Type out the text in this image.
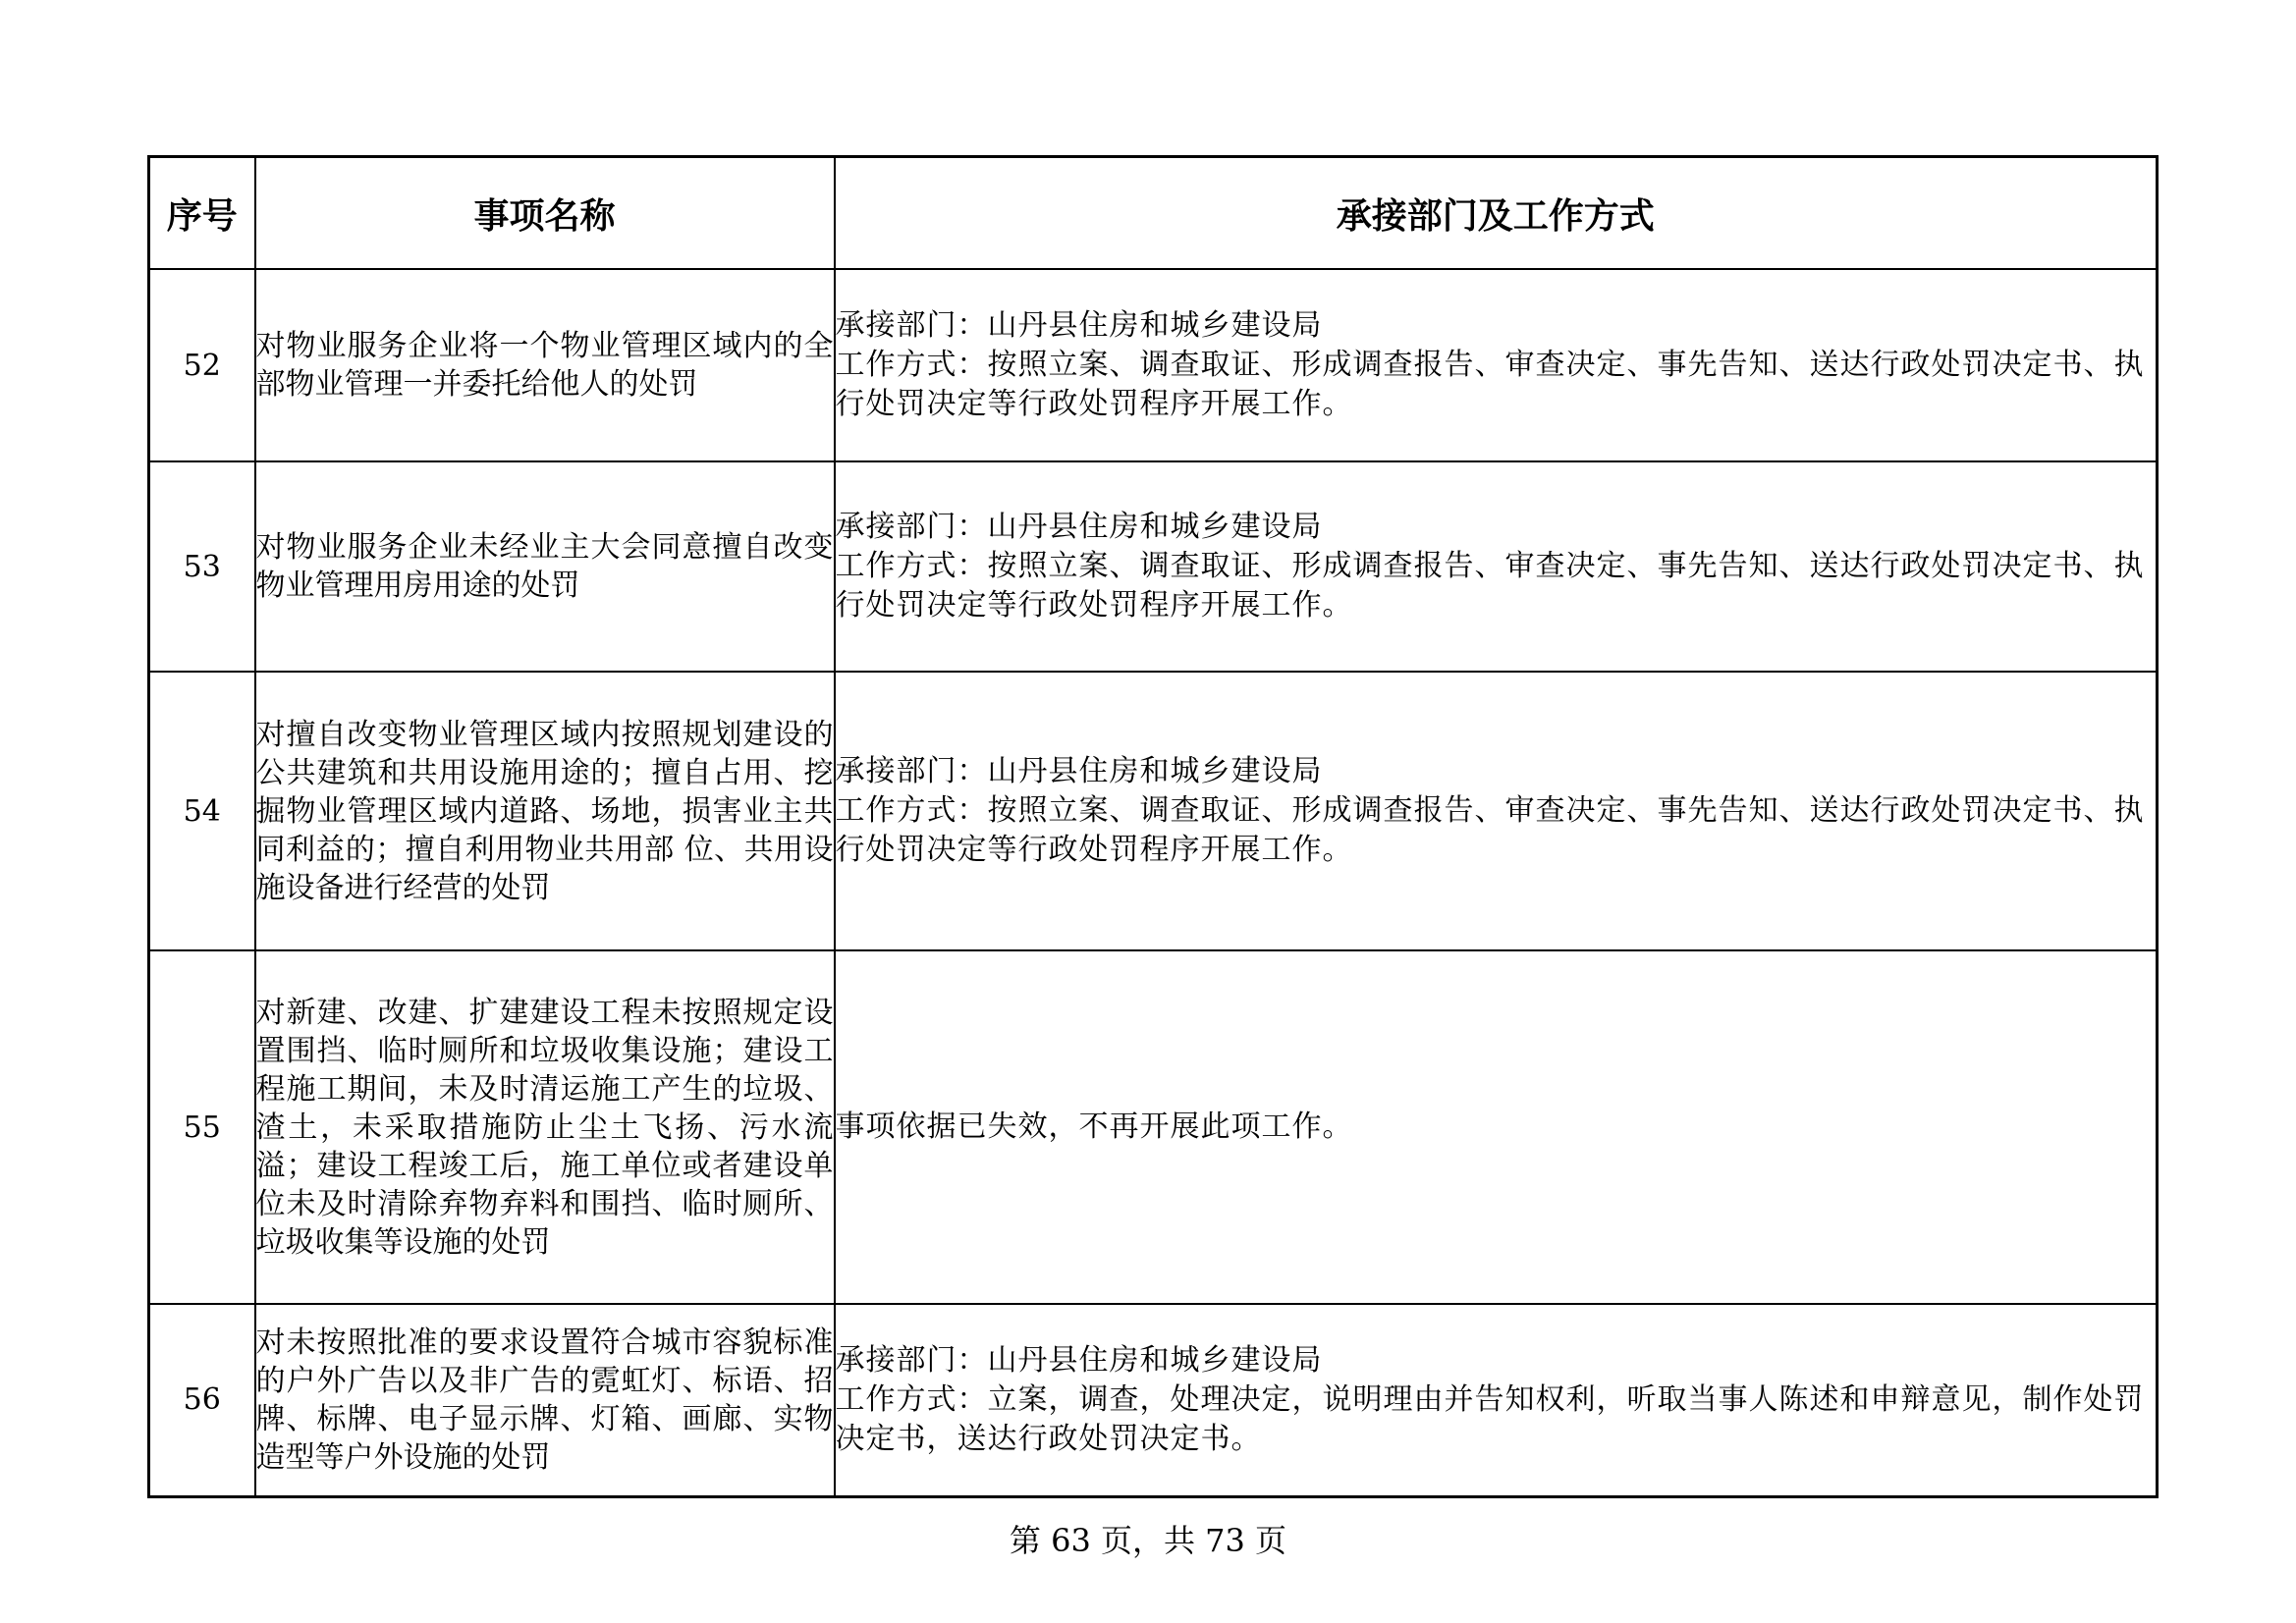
序号	事项名称	承接部门及工作方式
52	对物业服务企业将一个物业管理区域内的全部物业管理一并委托给他人的处罚	承接部门：山丹县住房和城乡建设局
工作方式：按照立案、调查取证、形成调查报告、审查决定、事先告知、送达行政处罚决定书、执行处罚决定等行政处罚程序开展工作。

53	对物业服务企业未经业主大会同意擅自改变物业管理用房用途的处罚	承接部门：山丹县住房和城乡建设局
工作方式：按照立案、调查取证、形成调查报告、审查决定、事先告知、送达行政处罚决定书、执行处罚决定等行政处罚程序开展工作。

54	对擅自改变物业管理区域内按照规划建设的公共建筑和共用设施用途的；擅自占用、挖掘物业管理区域内道路、场地，损害业主共同利益的；擅自利用物业共用部 位、共用设施设备进行经营的处罚	承接部门：山丹县住房和城乡建设局
工作方式：按照立案、调查取证、形成调查报告、审查决定、事先告知、送达行政处罚决定书、执行处罚决定等行政处罚程序开展工作。

55	对新建、改建、扩建建设工程未按照规定设置围挡、临时厕所和垃圾收集设施；建设工程施工期间，未及时清运施工产生的垃圾、渣土，未采取措施防止尘土飞扬、污水流溢；建设工程竣工后，施工单位或者建设单位未及时清除弃物弃料和围挡、临时厕所、垃圾收集等设施的处罚	事项依据已失效，不再开展此项工作。

56	对未按照批准的要求设置符合城市容貌标准的户外广告以及非广告的霓虹灯、标语、招牌、标牌、电子显示牌、灯箱、画廊、实物造型等户外设施的处罚	承接部门：山丹县住房和城乡建设局
工作方式：立案，调查，处理决定，说明理由并告知权利，听取当事人陈述和申辩意见，制作处罚决定书，送达行政处罚决定书。
第 63 页，共 73 页
